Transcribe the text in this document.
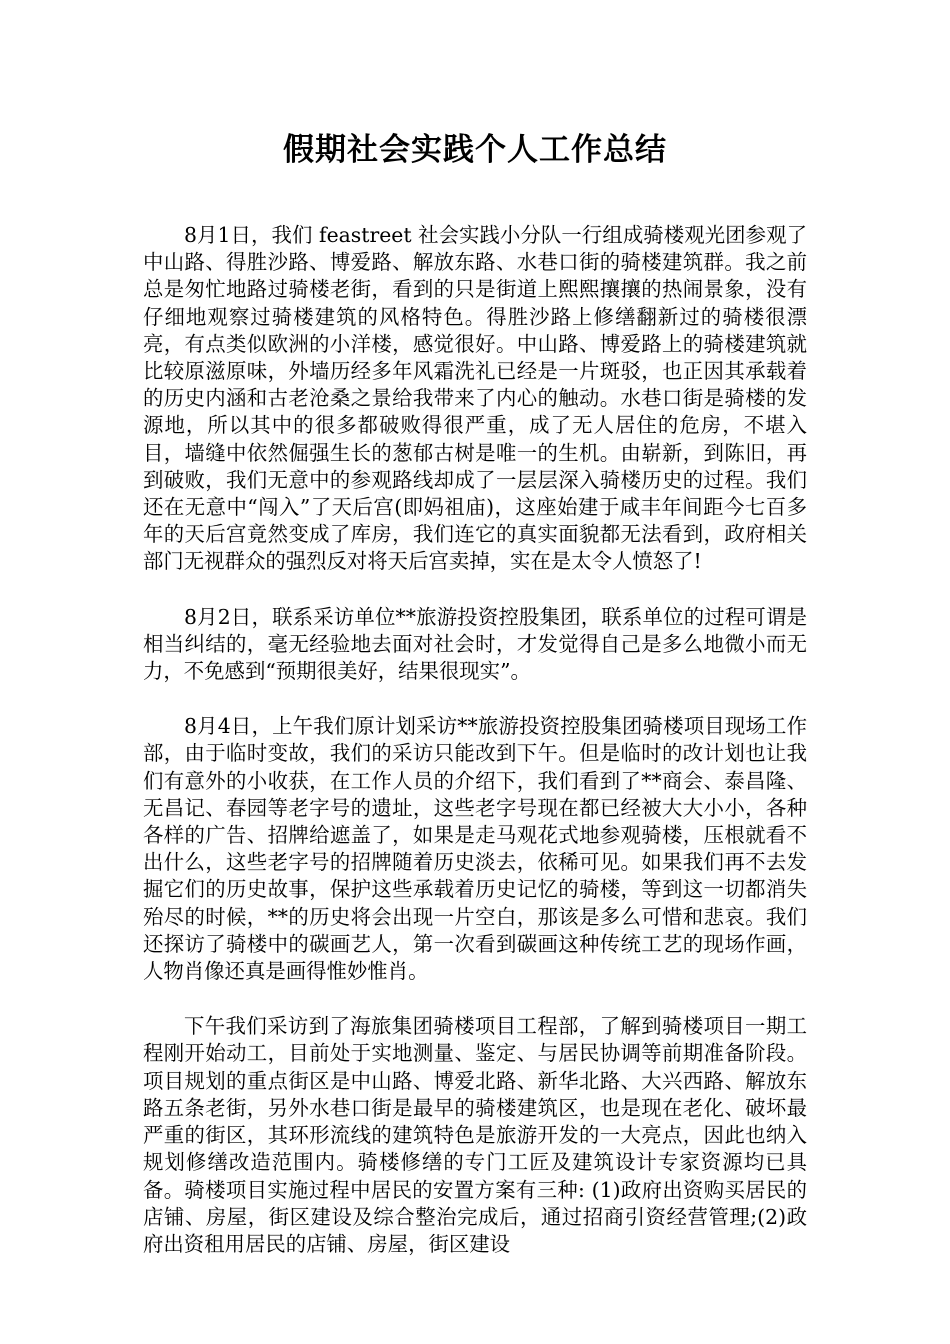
假期社会实践个人工作总结

8月1日，我们 feastreet 社会实践小分队一行组成骑楼观光团参观了中山路、得胜沙路、博爱路、解放东路、水巷口街的骑楼建筑群。我之前总是匆忙地路过骑楼老街，看到的只是街道上熙熙攘攘的热闹景象，没有仔细地观察过骑楼建筑的风格特色。得胜沙路上修缮翻新过的骑楼很漂亮，有点类似欧洲的小洋楼，感觉很好。中山路、博爱路上的骑楼建筑就比较原滋原味，外墙历经多年风霜洗礼已经是一片斑驳，也正因其承载着的历史内涵和古老沧桑之景给我带来了内心的触动。水巷口街是骑楼的发源地，所以其中的很多都破败得很严重，成了无人居住的危房，不堪入目，墙缝中依然倔强生长的葱郁古树是唯一的生机。由崭新，到陈旧，再到破败，我们无意中的参观路线却成了一层层深入骑楼历史的过程。我们还在无意中“闯入”了天后宫(即妈祖庙)，这座始建于咸丰年间距今七百多年的天后宫竟然变成了库房，我们连它的真实面貌都无法看到，政府相关部门无视群众的强烈反对将天后宫卖掉，实在是太令人愤怒了!

8月2日，联系采访单位**旅游投资控股集团，联系单位的过程可谓是相当纠结的，毫无经验地去面对社会时，才发觉得自己是多么地微小而无力，不免感到“预期很美好，结果很现实”。

8月4日，上午我们原计划采访**旅游投资控股集团骑楼项目现场工作部，由于临时变故，我们的采访只能改到下午。但是临时的改计划也让我们有意外的小收获，在工作人员的介绍下，我们看到了**商会、泰昌隆、无昌记、春园等老字号的遗址，这些老字号现在都已经被大大小小，各种各样的广告、招牌给遮盖了，如果是走马观花式地参观骑楼，压根就看不出什么，这些老字号的招牌随着历史淡去，依稀可见。如果我们再不去发掘它们的历史故事，保护这些承载着历史记忆的骑楼，等到这一切都消失殆尽的时候，**的历史将会出现一片空白，那该是多么可惜和悲哀。我们还探访了骑楼中的碳画艺人，第一次看到碳画这种传统工艺的现场作画，人物肖像还真是画得惟妙惟肖。

下午我们采访到了海旅集团骑楼项目工程部，了解到骑楼项目一期工程刚开始动工，目前处于实地测量、鉴定、与居民协调等前期准备阶段。项目规划的重点街区是中山路、博爱北路、新华北路、大兴西路、解放东路五条老街，另外水巷口街是最早的骑楼建筑区，也是现在老化、破坏最严重的街区，其环形流线的建筑特色是旅游开发的一大亮点，因此也纳入规划修缮改造范围内。骑楼修缮的专门工匠及建筑设计专家资源均已具备。骑楼项目实施过程中居民的安置方案有三种: (1)政府出资购买居民的店铺、房屋，街区建设及综合整治完成后，通过招商引资经营管理;(2)政府出资租用居民的店铺、房屋，街区建设
